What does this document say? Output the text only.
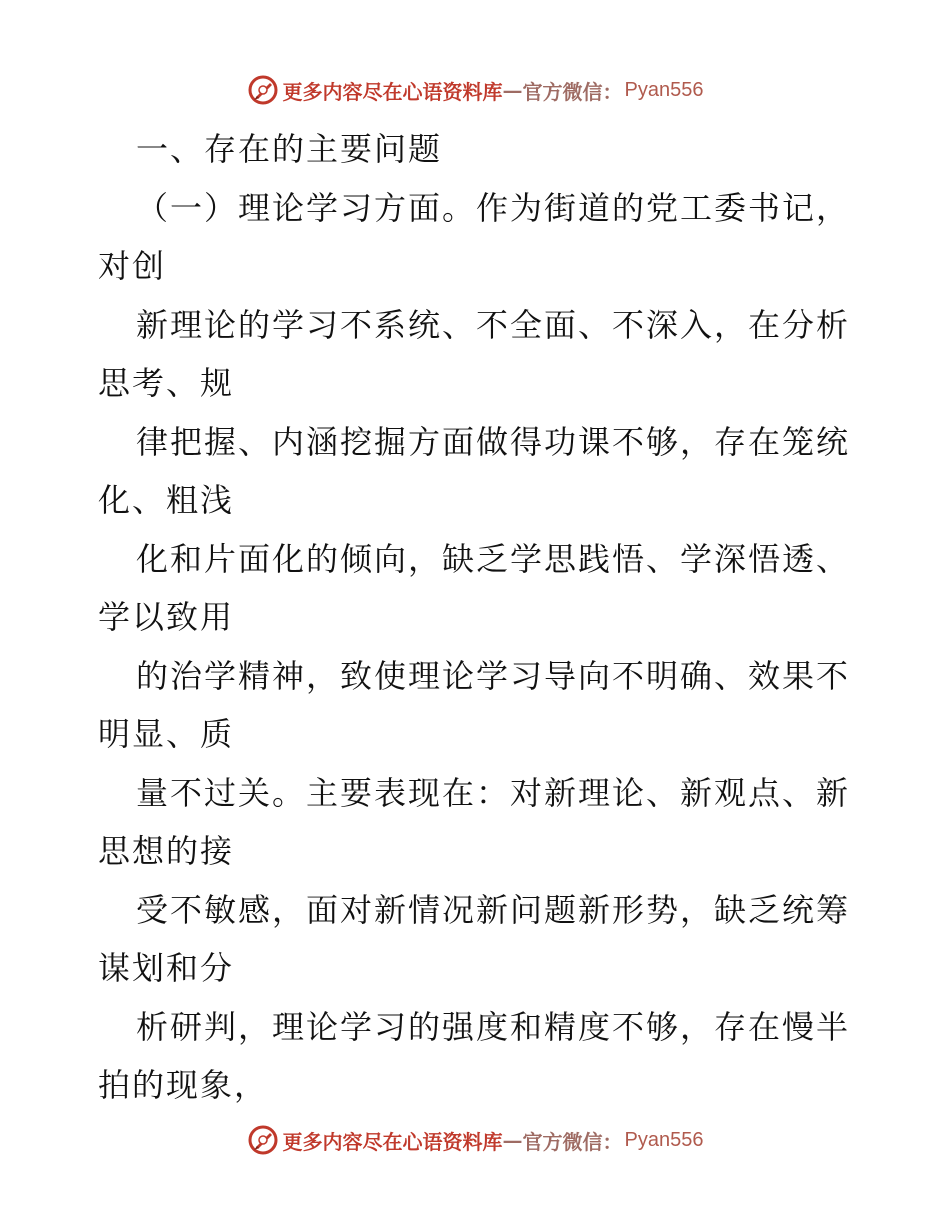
更多内容尽在心语资料库 — 官方微信： Pyan556
一、存在的主要问题
（一）理论学习方面。作为街道的党工委书记，
对创
新理论的学习不系统、不全面、不深入，在分析
思考、规
律把握、内涵挖掘方面做得功课不够，存在笼统
化、粗浅
化和片面化的倾向，缺乏学思践悟、学深悟透、
学以致用
的治学精神，致使理论学习导向不明确、效果不
明显、质
量不过关。主要表现在：对新理论、新观点、新
思想的接
受不敏感，面对新情况新问题新形势，缺乏统筹
谋划和分
析研判，理论学习的强度和精度不够，存在慢半
拍的现象，
更多内容尽在心语资料库 — 官方微信： Pyan556
